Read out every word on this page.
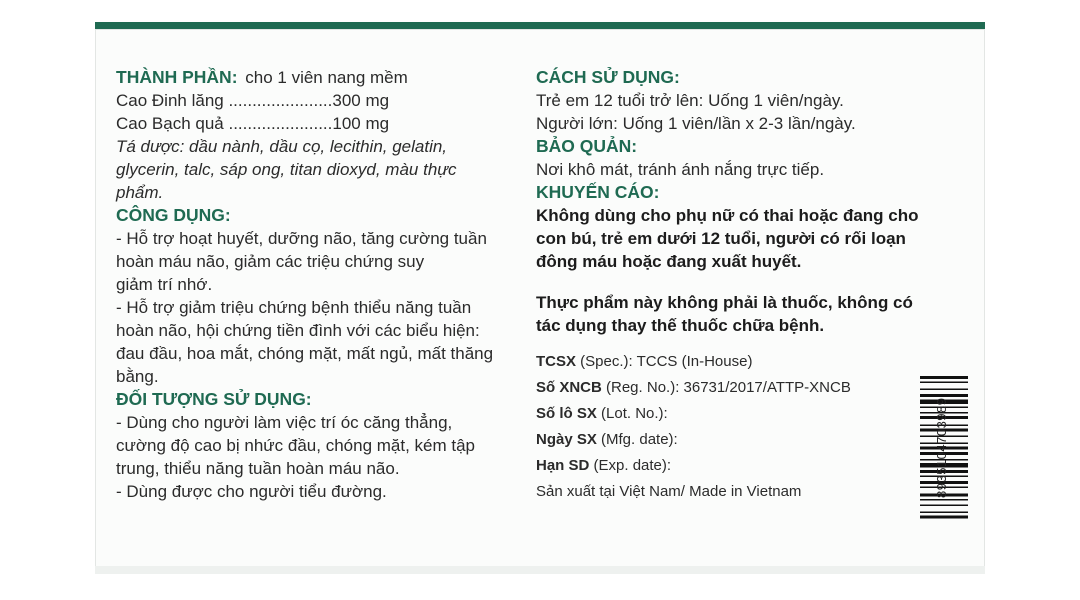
THÀNH PHẦN: cho 1 viên nang mềm
Cao Đinh lăng ......................300 mg
Cao Bạch quả ......................100 mg
Tá dược: dầu nành, dầu cọ, lecithin, gelatin,
glycerin, talc, sáp ong, titan dioxyd, màu thực
phẩm.
CÔNG DỤNG:
- Hỗ trợ hoạt huyết, dưỡng não, tăng cường tuần
hoàn máu não, giảm các triệu chứng suy
giảm trí nhớ.
- Hỗ trợ giảm triệu chứng bệnh thiểu năng tuần
hoàn não, hội chứng tiền đình với các biểu hiện:
đau đầu, hoa mắt, chóng mặt, mất ngủ, mất thăng
bằng.
ĐỐI TƯỢNG SỬ DỤNG:
- Dùng cho người làm việc trí óc căng thẳng,
cường độ cao bị nhức đầu, chóng mặt, kém tập
trung, thiểu năng tuần hoàn máu não.
- Dùng được cho người tiểu đường.
CÁCH SỬ DỤNG:
Trẻ em 12 tuổi trở lên: Uống 1 viên/ngày.
Người lớn: Uống 1 viên/lần x 2-3 lần/ngày.
BẢO QUẢN:
Nơi khô mát, tránh ánh nắng trực tiếp.
KHUYẾN CÁO:
Không dùng cho phụ nữ có thai hoặc đang cho
con bú, trẻ em dưới 12 tuổi, người có rối loạn
đông máu hoặc đang xuất huyết.
Thực phẩm này không phải là thuốc, không có
tác dụng thay thế thuốc chữa bệnh.
TCSX (Spec.): TCCS (In-House)
Số XNCB (Reg. No.): 36731/2017/ATTP-XNCB
Số lô SX (Lot. No.):
Ngày SX (Mfg. date):
Hạn SD (Exp. date):
Sản xuất tại Việt Nam/ Made in Vietnam	8935104703989
